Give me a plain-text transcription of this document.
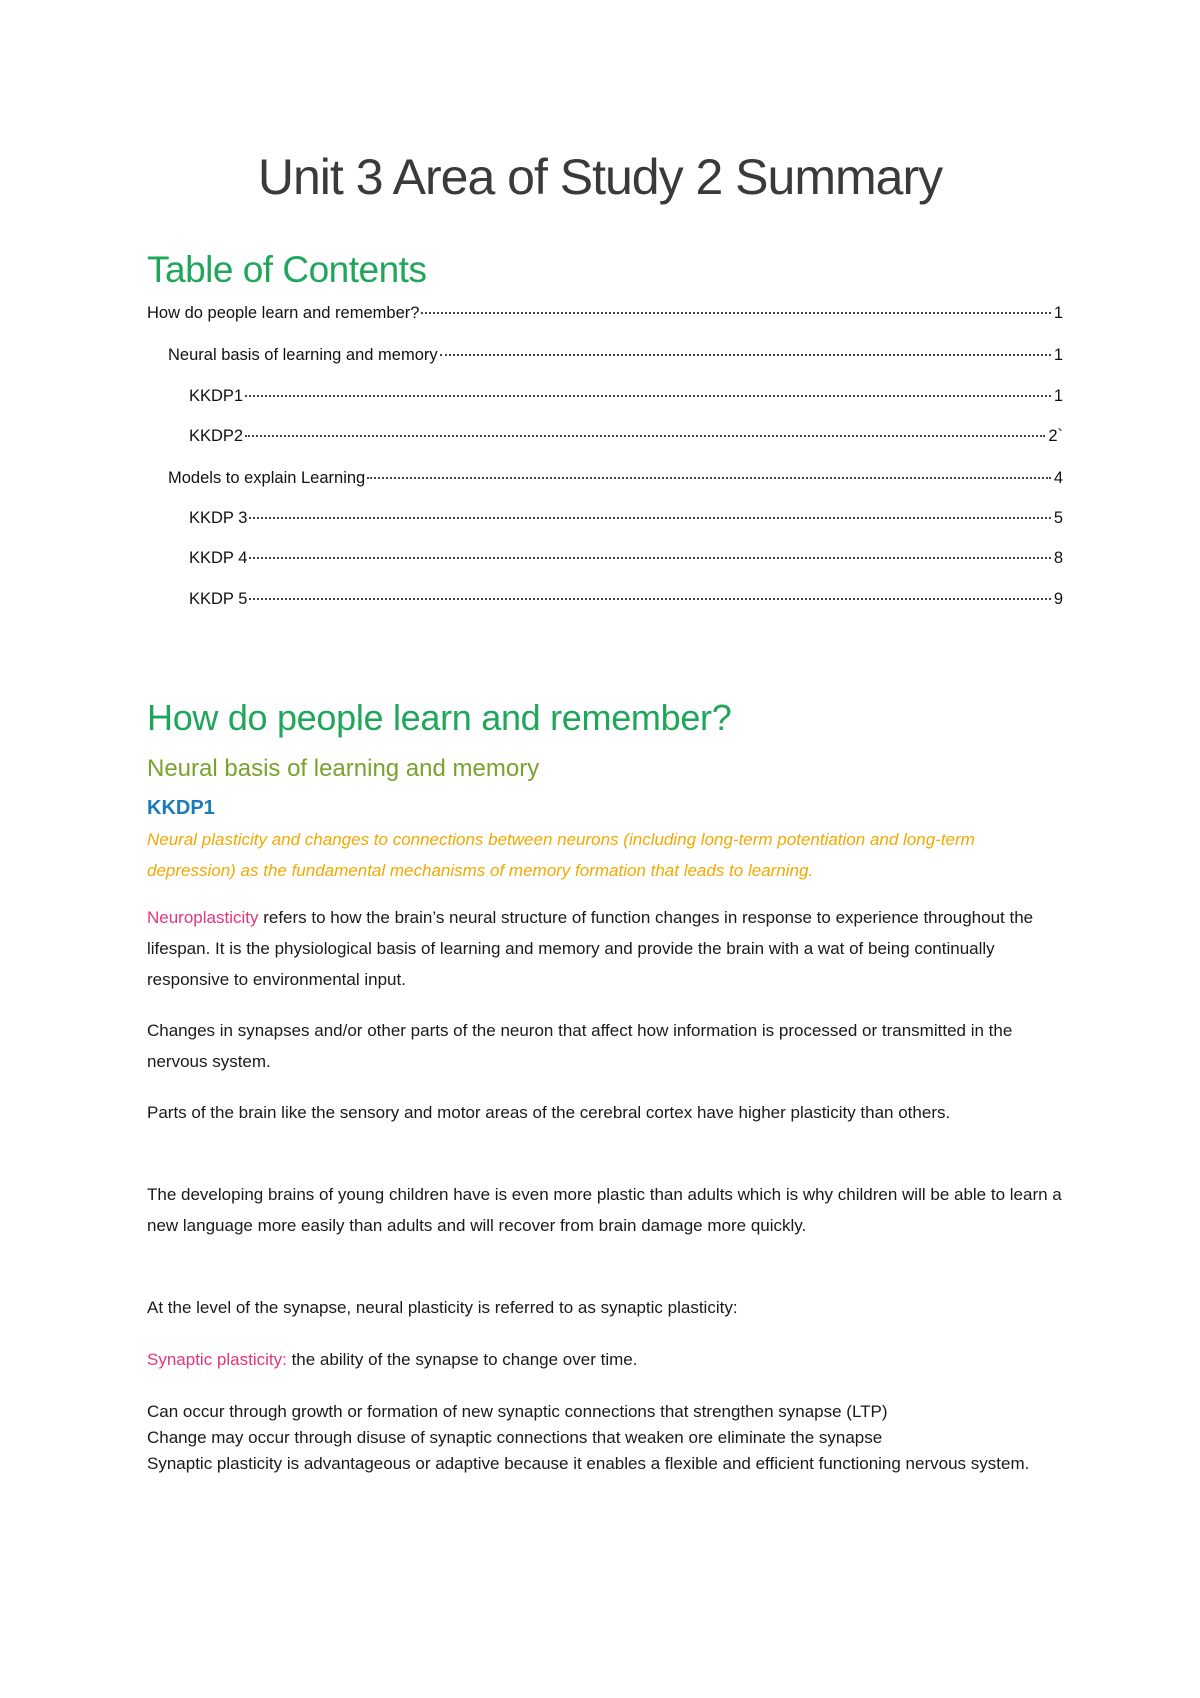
Unit 3 Area of Study 2 Summary
Table of Contents
How do people learn and remember?	1
Neural basis of learning and memory	1
KKDP1	1
KKDP2	2`
Models to explain Learning	4
KKDP 3	5
KKDP 4	8
KKDP 5	9
How do people learn and remember?
Neural basis of learning and memory
KKDP1

Neural plasticity and changes to connections between neurons (including long-term potentiation and long-term depression) as the fundamental mechanisms of memory formation that leads to learning.

Neuroplasticity refers to how the brain’s neural structure of function changes in response to experience throughout the lifespan. It is the physiological basis of learning and memory and provide the brain with a wat of being continually responsive to environmental input.

Changes in synapses and/or other parts of the neuron that affect how information is processed or transmitted in the nervous system.

Parts of the brain like the sensory and motor areas of the cerebral cortex have higher plasticity than others.

The developing brains of young children have is even more plastic than adults which is why children will be able to learn a new language more easily than adults and will recover from brain damage more quickly.

At the level of the synapse, neural plasticity is referred to as synaptic plasticity:

Synaptic plasticity: the ability of the synapse to change over time.

Can occur through growth or formation of new synaptic connections that strengthen synapse (LTP)

Change may occur through disuse of synaptic connections that weaken ore eliminate the synapse

Synaptic plasticity is advantageous or adaptive because it enables a flexible and efficient functioning nervous system.
